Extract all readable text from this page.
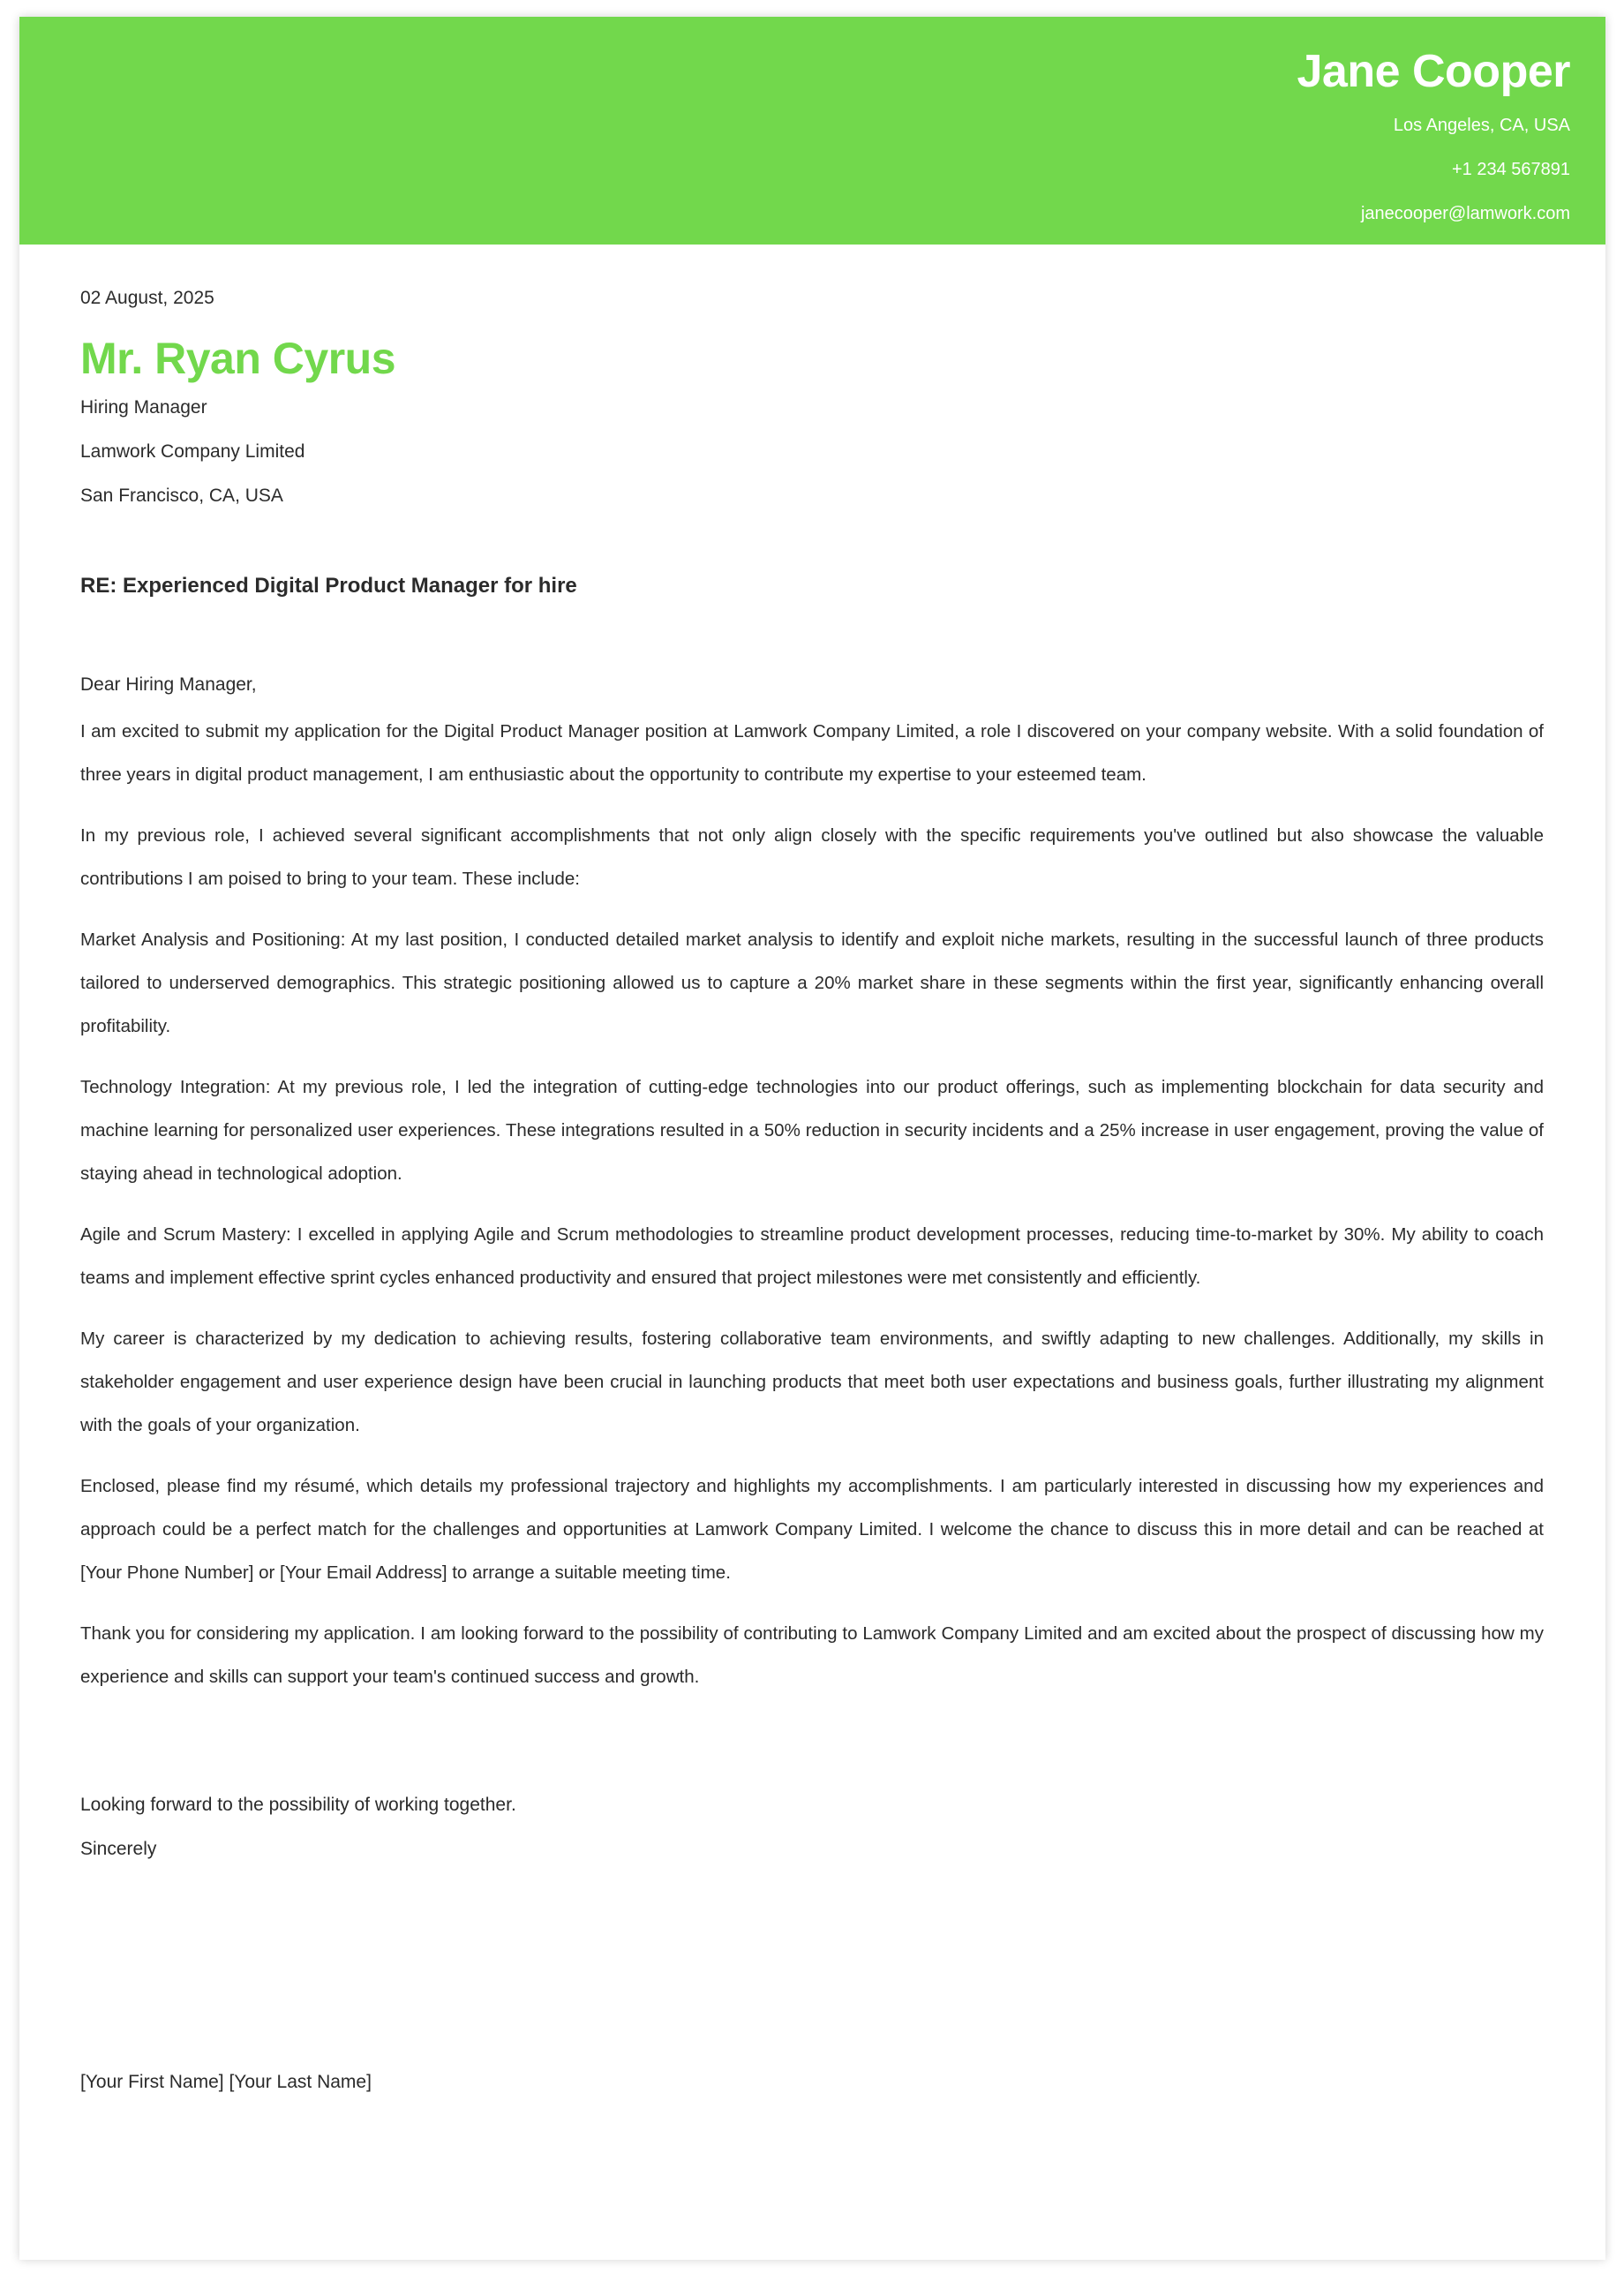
Jane Cooper

Los Angeles, CA, USA

+1 234 567891

janecooper@lamwork.com

02 August, 2025
Mr. Ryan Cyrus

Hiring Manager

Lamwork Company Limited

San Francisco, CA, USA

RE: Experienced Digital Product Manager for hire
Dear Hiring Manager,

I am excited to submit my application for the Digital Product Manager position at Lamwork Company Limited, a role I discovered on your company website. With a solid foundation of three years in digital product management, I am enthusiastic about the opportunity to contribute my expertise to your esteemed team.

In my previous role, I achieved several significant accomplishments that not only align closely with the specific requirements you've outlined but also showcase the valuable contributions I am poised to bring to your team. These include:

Market Analysis and Positioning: At my last position, I conducted detailed market analysis to identify and exploit niche markets, resulting in the successful launch of three products tailored to underserved demographics. This strategic positioning allowed us to capture a 20% market share in these segments within the first year, significantly enhancing overall profitability.

Technology Integration: At my previous role, I led the integration of cutting-edge technologies into our product offerings, such as implementing blockchain for data security and machine learning for personalized user experiences. These integrations resulted in a 50% reduction in security incidents and a 25% increase in user engagement, proving the value of staying ahead in technological adoption.

Agile and Scrum Mastery: I excelled in applying Agile and Scrum methodologies to streamline product development processes, reducing time-to-market by 30%. My ability to coach teams and implement effective sprint cycles enhanced productivity and ensured that project milestones were met consistently and efficiently.

My career is characterized by my dedication to achieving results, fostering collaborative team environments, and swiftly adapting to new challenges. Additionally, my skills in stakeholder engagement and user experience design have been crucial in launching products that meet both user expectations and business goals, further illustrating my alignment with the goals of your organization.

Enclosed, please find my résumé, which details my professional trajectory and highlights my accomplishments. I am particularly interested in discussing how my experiences and approach could be a perfect match for the challenges and opportunities at Lamwork Company Limited. I welcome the chance to discuss this in more detail and can be reached at [Your Phone Number] or [Your Email Address] to arrange a suitable meeting time.

Thank you for considering my application. I am looking forward to the possibility of contributing to Lamwork Company Limited and am excited about the prospect of discussing how my experience and skills can support your team's continued success and growth.

Looking forward to the possibility of working together.

Sincerely

[Your First Name] [Your Last Name]
